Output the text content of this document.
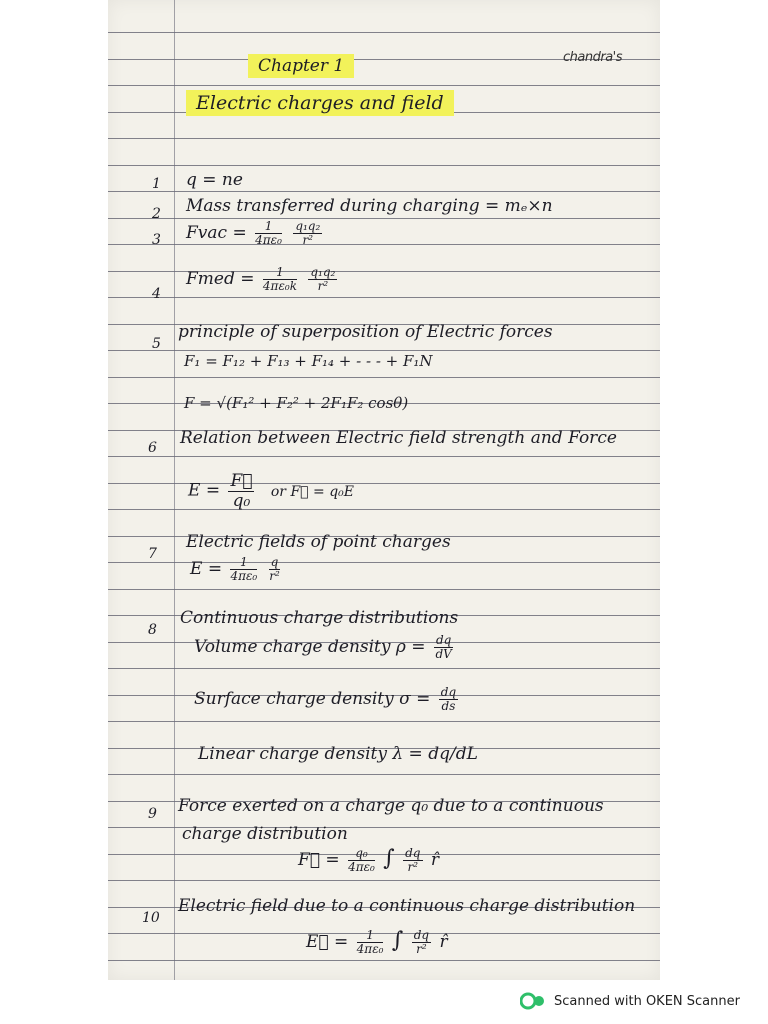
chandra's
Chapter 1
Electric charges and field
1 q = ne
2 Mass transferred during charging = mₑ×n
3 Fvac = $\frac{1}{\text{4πε₀}}$
$\frac{\text{q₁q₂}}{\text{r²}}$
4
Fmed = $\frac{1}{\text{4πε₀k}}$
$\frac{\text{q₁q₂}}{\text{r²}}$
5
principle of superposition of Electric forces
F₁ = F₁₂ + F₁₃ + F₁₄ + - - - + F₁N
F = √(F₁² + F₂² + 2F₁F₂ cosθ)
6 Relation between Electric field strength and Force
$E = \frac{F⃗}{\text{q₀}}$ or F⃗ = q₀E
7
Electric fields of point charges
$E = \frac{1}{\text{4πε₀}}$
$\frac{q}{\text{r²}}$
8
Continuous charge distributions
Volume charge density $\rho = \frac{dq}{dV}$
Surface charge density $\sigma = \frac{dq}{ds}$
Linear charge density λ = dq/dL
9 Force exerted on a charge q₀ due to a continuous
charge distribution
F⃗ = $\frac{\text{q₀}}{\text{4πε₀}}$ ∫ $\frac{dq}{\text{r²}}$ r̂
10
Electric field due to a continuous charge distribution
E⃗ = $\frac{1}{\text{4πε₀}}$ ∫ $\frac{dq}{\text{r²}}$ r̂
Scanned with OKEN Scanner
